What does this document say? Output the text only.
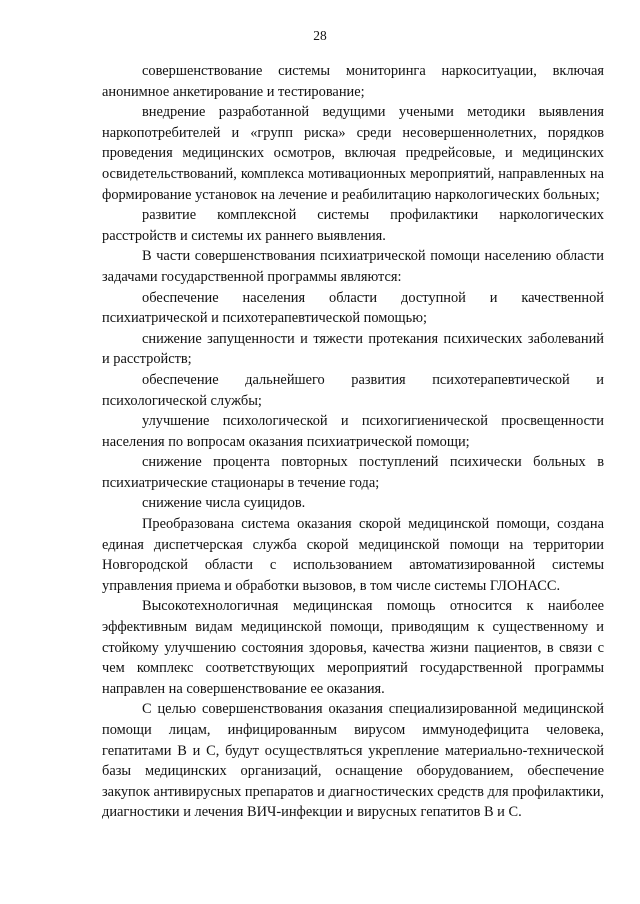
28

совершенствование системы мониторинга наркоситуации, включая анонимное анкетирование и тестирование;

внедрение разработанной ведущими учеными методики выявления наркопотребителей и «групп риска» среди несовершеннолетних, порядков проведения медицинских осмотров, включая предрейсовые, и медицинских освидетельствований, комплекса мотивационных мероприятий, направленных на формирование установок на лечение и реабилитацию наркологических больных;

развитие комплексной системы профилактики наркологических расстройств и системы их раннего выявления.

В части совершенствования психиатрической помощи населению области задачами государственной программы являются:

обеспечение населения области доступной и качественной психиатрической и психотерапевтической помощью;

снижение запущенности и тяжести протекания психических заболеваний и расстройств;

обеспечение дальнейшего развития психотерапевтической и психологической службы;

улучшение психологической и психогигиенической просвещенности населения по вопросам оказания психиатрической помощи;

снижение процента повторных поступлений психически больных в психиатрические стационары в течение года;

снижение числа суицидов.

Преобразована система оказания скорой медицинской помощи, создана единая диспетчерская служба скорой медицинской помощи на территории Новгородской области с использованием автоматизированной системы управления приема и обработки вызовов, в том числе системы ГЛОНАСС.

Высокотехнологичная медицинская помощь относится к наиболее эффективным видам медицинской помощи, приводящим к существенному и стойкому улучшению состояния здоровья, качества жизни пациентов, в связи с чем комплекс соответствующих мероприятий государственной программы направлен на совершенствование ее оказания.

С целью совершенствования оказания специализированной медицинской помощи лицам, инфицированным вирусом иммунодефицита человека, гепатитами В и С, будут осуществляться укрепление материально-технической базы медицинских организаций, оснащение оборудованием, обеспечение закупок антивирусных препаратов и диагностических средств для профилактики, диагностики и лечения ВИЧ-инфекции и вирусных гепатитов В и С.
